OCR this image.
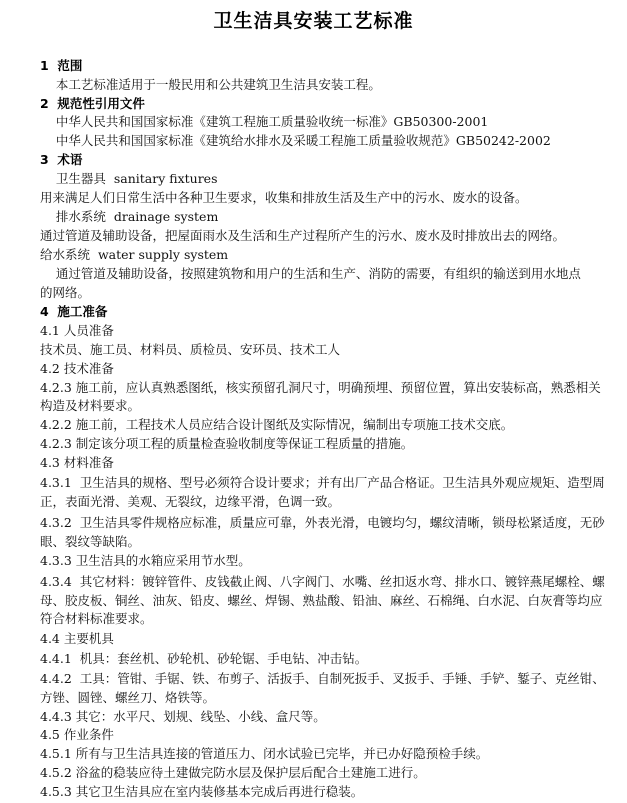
卫生洁具安装工艺标准
1  范围
本工艺标准适用于一般民用和公共建筑卫生洁具安装工程。
2  规范性引用文件
中华人民共和国国家标准《建筑工程施工质量验收统一标准》GB50300-2001
中华人民共和国国家标准《建筑给水排水及采暖工程施工质量验收规范》GB50242-2002
3  术语
卫生器具  sanitary fixtures
用来满足人们日常生活中各种卫生要求，收集和排放生活及生产中的污水、废水的设备。
排水系统  drainage system
通过管道及辅助设备，把屋面雨水及生活和生产过程所产生的污水、废水及时排放出去的网络。
给水系统  water supply system
通过管道及辅助设备，按照建筑物和用户的生活和生产、消防的需要，有组织的输送到用水地点
的网络。
4  施工准备
4.1 人员准备
技术员、施工员、材料员、质检员、安环员、技术工人
4.2 技术准备
4.2.3 施工前，应认真熟悉图纸，核实预留孔洞尺寸，明确预埋、预留位置，算出安装标高，熟悉相关
构造及材料要求。
4.2.2 施工前，工程技术人员应结合设计图纸及实际情况，编制出专项施工技术交底。
4.2.3 制定该分项工程的质量检查验收制度等保证工程质量的措施。
4.3 材料准备
4.3.1  卫生洁具的规格、型号必须符合设计要求；并有出厂产品合格证。卫生洁具外观应规矩、造型周
正，表面光滑、美观、无裂纹，边缘平滑，色调一致。
4.3.2  卫生洁具零件规格应标准，质量应可靠，外表光滑，电镀均匀，螺纹清晰，锁母松紧适度，无砂
眼、裂纹等缺陷。
4.3.3 卫生洁具的水箱应采用节水型。
4.3.4  其它材料：镀锌管件、皮钱截止阀、八字阀门、水嘴、丝扣返水弯、排水口、镀锌燕尾螺栓、螺
母、胶皮板、铜丝、油灰、铅皮、螺丝、焊锡、熟盐酸、铅油、麻丝、石棉绳、白水泥、白灰膏等均应
符合材料标准要求。
4.4 主要机具
4.4.1  机具：套丝机、砂轮机、砂轮锯、手电钻、冲击钻。
4.4.2  工具：管钳、手锯、铁、布剪子、活扳手、自制死扳手、叉扳手、手锤、手铲、錾子、克丝钳、
方锉、圆锉、螺丝刀、烙铁等。
4.4.3 其它：水平尺、划规、线坠、小线、盒尺等。
4.5 作业条件
4.5.1 所有与卫生洁具连接的管道压力、闭水试验已完毕，并已办好隐预检手续。
4.5.2 浴盆的稳装应待土建做完防水层及保护层后配合土建施工进行。
4.5.3 其它卫生洁具应在室内装修基本完成后再进行稳装。
